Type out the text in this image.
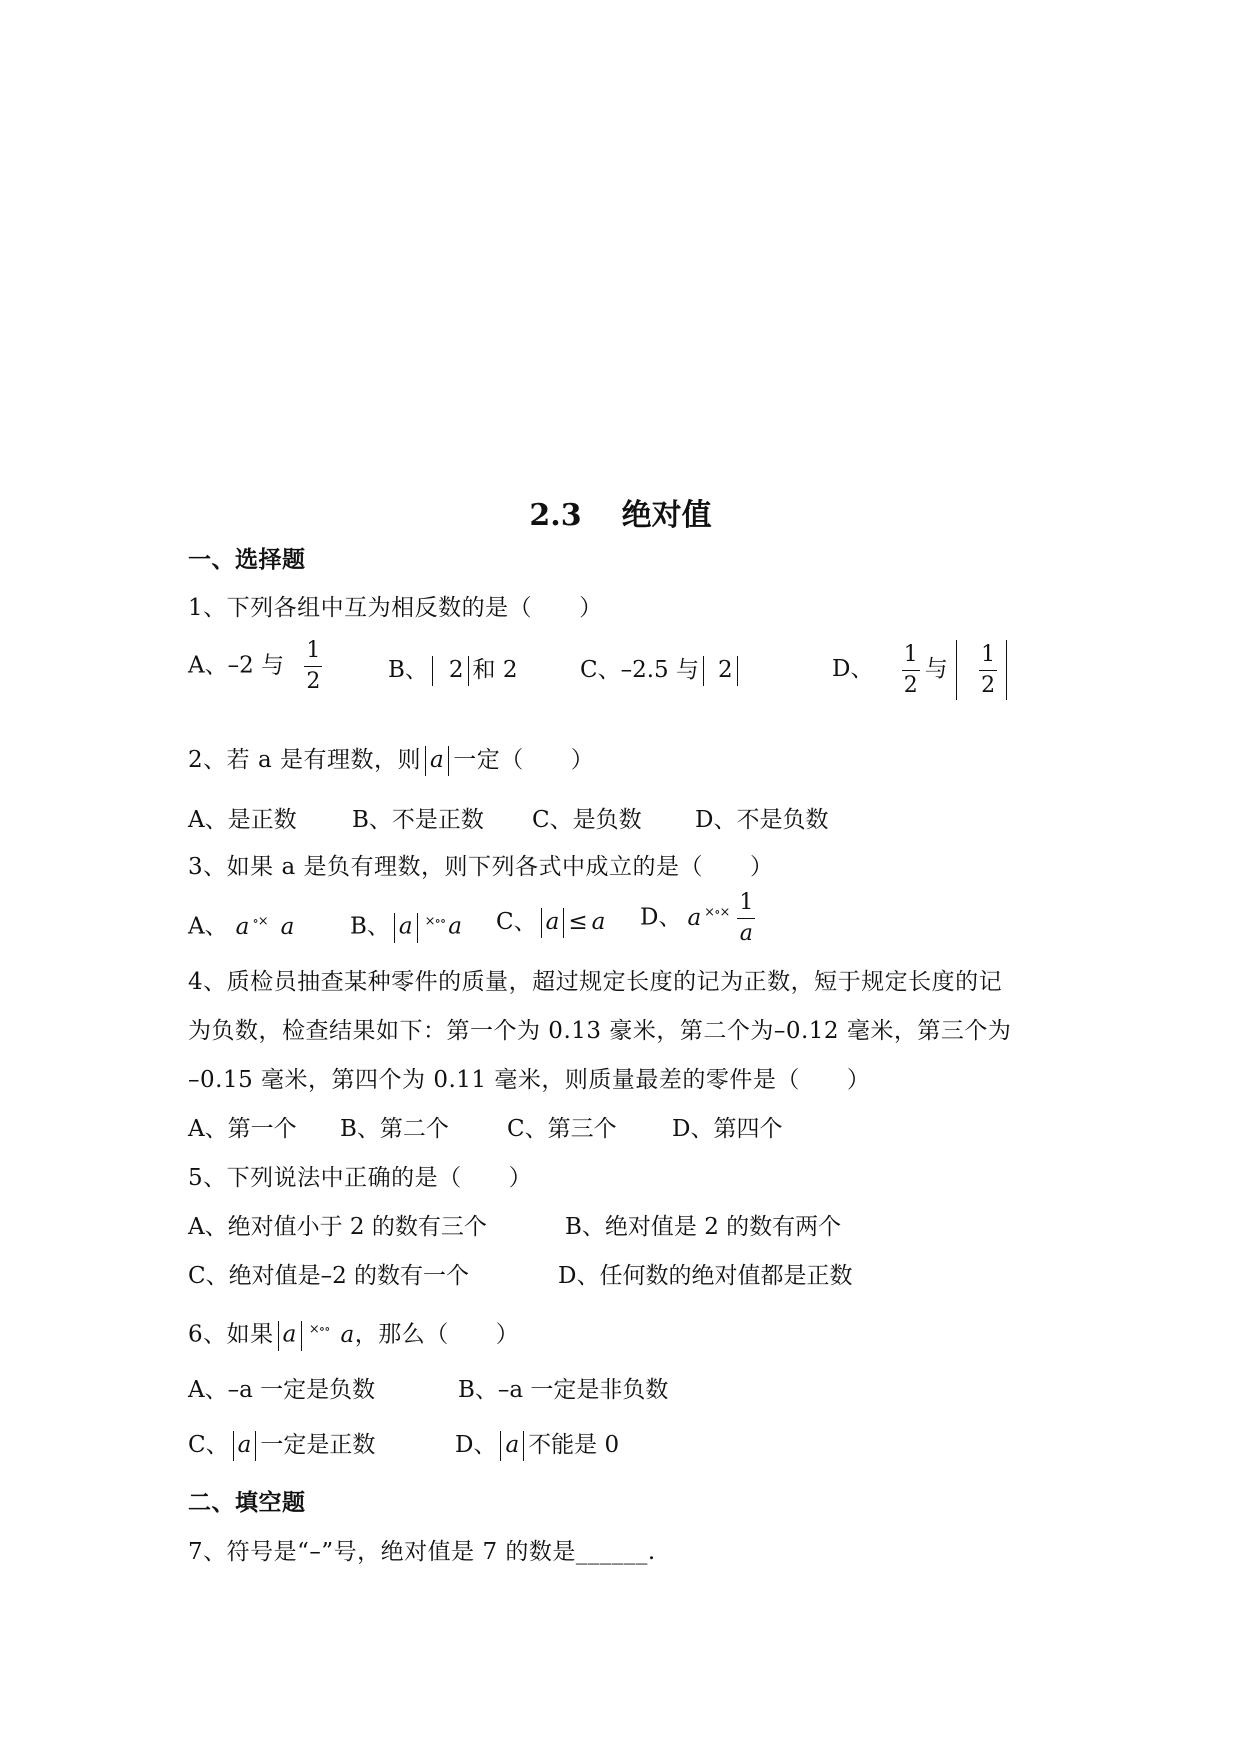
2.3 绝对值
一、选择题
1、下列各组中互为相反数的是（　　）
A、–2 与 $\frac{1}{2}$	B、 2 和 2	C、–2.5 与 2	D、 $\frac{1}{2}$ 与 $\frac{1}{2}$
2、若 a 是有理数，则 a 一定（　　）
A、是正数 B、不是正数 C、是负数 D、不是负数
3、如果 a 是负有理数，则下列各式中成立的是（　　）
A、 a ∘× a B、 a ×∘∘ a C、 a ≤ a D、 a $^{\times\circ\times} \frac{1}{a}$
4、质检员抽查某种零件的质量，超过规定长度的记为正数，短于规定长度的记
为负数，检查结果如下：第一个为 0.13 豪米，第二个为–0.12 毫米，第三个为
–0.15 毫米，第四个为 0.11 毫米，则质量最差的零件是（　　）
A、第一个 B、第二个	C、第三个 D、第四个
5、下列说法中正确的是（　　）
A、绝对值小于 2 的数有三个	B、绝对值是 2 的数有两个
C、绝对值是–2 的数有一个	D、任何数的绝对值都是正数
6、如果 a ×∘∘ a，那么（　　）
A、–a 一定是负数	B、–a 一定是非负数
C、 a 一定是正数	D、 a 不能是 0
二、填空题
7、符号是“–”号，绝对值是 7 的数是______.
